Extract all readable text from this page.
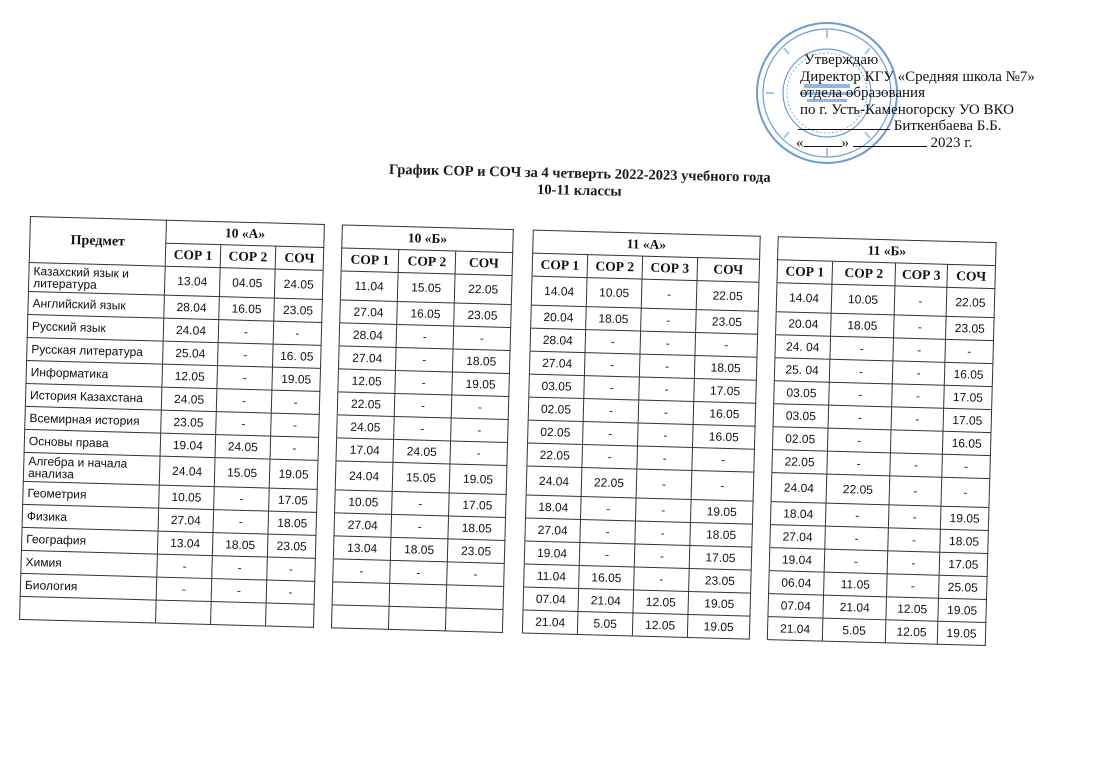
Утверждаю
Директор КГУ «Средняя школа №7»
отдела образования
по г. Усть-Каменогорску УО ВКО
Биткенбаева Б.Б.
«	»	2023 г.
График СОР и СОЧ за 4 четверть 2022-2023 учебного года
10-11 классы
Предмет	10 «А»				10 «Б»				11 «А»					11 «Б»			
	СОР 1	СОР 2	СОЧ		СОР 1	СОР 2	СОЧ		СОР 1	СОР 2	СОР 3	СОЧ		СОР 1	СОР 2	СОР 3	СОЧ
Казахский язык и литература	13.04	04.05	24.05		11.04	15.05	22.05		14.04	10.05	-	22.05		14.04	10.05	-	22.05
Английский язык	28.04	16.05	23.05		27.04	16.05	23.05		20.04	18.05	-	23.05		20.04	18.05	-	23.05
Русский язык	24.04	-	-		28.04	-	-		28.04	-	-	-		24. 04	-	-	-
Русская литература	25.04	-	16. 05		27.04	-	18.05		27.04	-	-	18.05		25. 04	-	-	16.05
Информатика	12.05	-	19.05		12.05	-	19.05		03.05	-	-	17.05		03.05	-	-	17.05
История Казахстана	24.05	-	-		22.05	-	-		02.05	-	-	16.05		03.05	-	-	17.05
Всемирная история	23.05	-	-		24.05	-	-		02.05	-	-	16.05		02.05	-		16.05
Основы права	19.04	24.05	-		17.04	24.05	-		22.05	-	-	-		22.05	-	-	-
Алгебра и начала анализа	24.04	15.05	19.05		24.04	15.05	19.05		24.04	22.05	-	-		24.04	22.05	-	-
Геометрия	10.05	-	17.05		10.05	-	17.05		18.04	-	-	19.05		18.04	-	-	19.05
Физика	27.04	-	18.05		27.04	-	18.05		27.04	-	-	18.05		27.04	-	-	18.05
География	13.04	18.05	23.05		13.04	18.05	23.05		19.04	-	-	17.05		19.04	-	-	17.05
Химия	-	-	-		-	-	-		11.04	16.05	-	23.05		06.04	11.05	-	25.05
Биология	-	-	-						07.04	21.04	12.05	19.05		07.04	21.04	12.05	19.05
									21.04	5.05	12.05	19.05		21.04	5.05	12.05	19.05
